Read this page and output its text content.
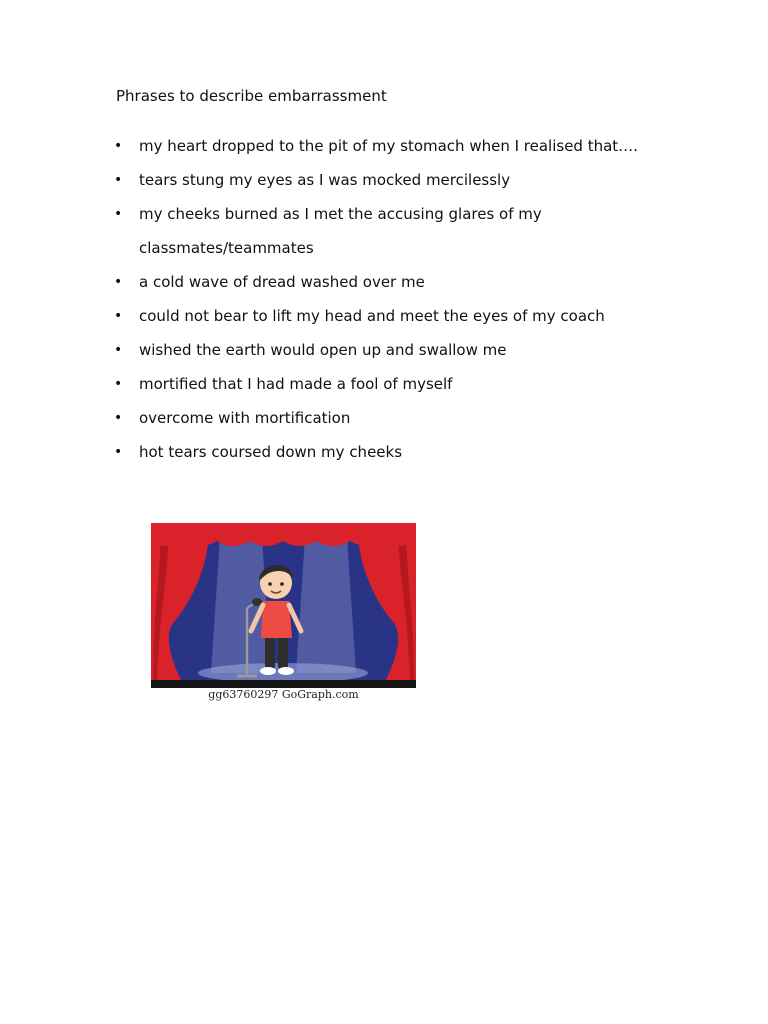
Phrases to describe embarrassment
• my heart dropped to the pit of my stomach when I realised that….
• tears stung my eyes as I was mocked mercilessly
• my cheeks burned as I met the accusing glares of my
classmates/teammates
• a cold wave of dread washed over me
• could not bear to lift my head and meet the eyes of my coach
• wished the earth would open up and swallow me
• mortified that I had made a fool of myself
• overcome with mortification
• hot tears coursed down my cheeks
gg63760297 GoGraph.com
